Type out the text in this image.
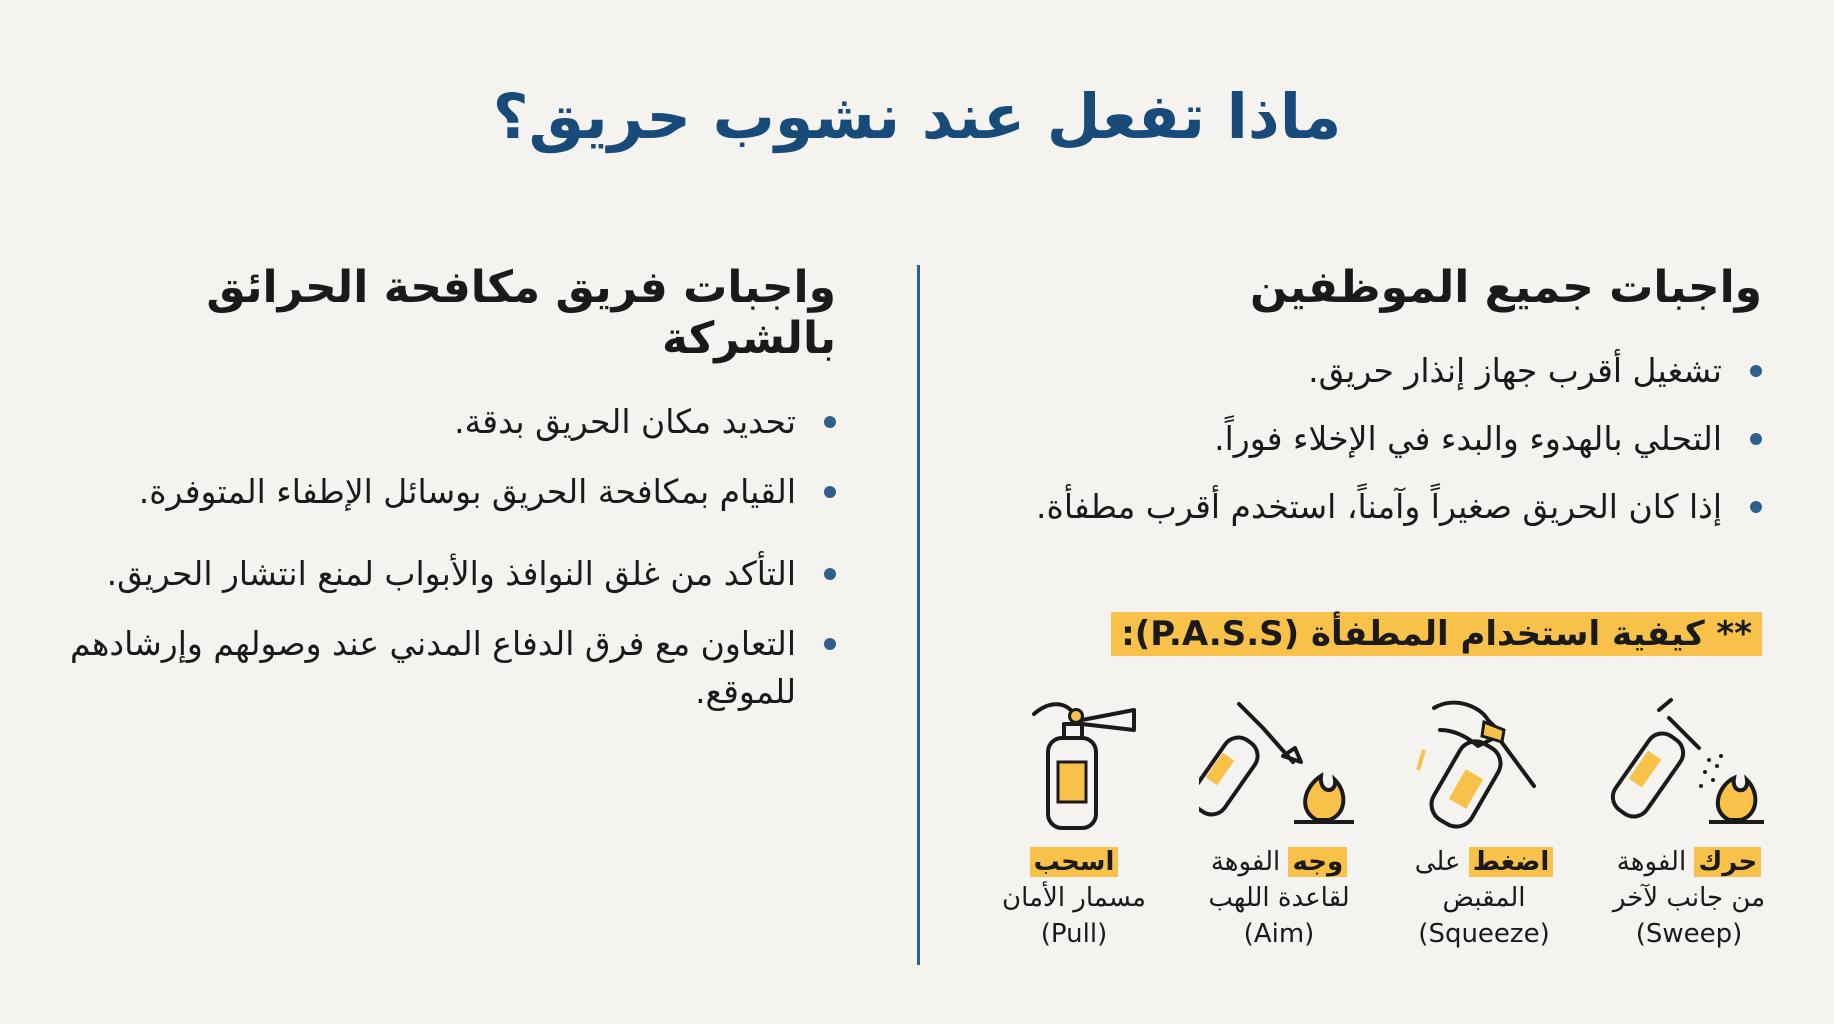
ماذا تفعل عند نشوب حريق؟
واجبات جميع الموظفين
تشغيل أقرب جهاز إنذار حريق.
التحلي بالهدوء والبدء في الإخلاء فوراً.
إذا كان الحريق صغيراً وآمناً، استخدم أقرب مطفأة.
واجبات فريق مكافحة الحرائق بالشركة
تحديد مكان الحريق بدقة.
القيام بمكافحة الحريق بوسائل الإطفاء المتوفرة.
التأكد من غلق النوافذ والأبواب لمنع انتشار الحريق.
التعاون مع فرق الدفاع المدني عند وصولهم وإرشادهم للموقع.
** كيفية استخدام المطفأة (P.A.S.S):
حرك الفوهة
من جانب لآخر
(Sweep)
اضغط على
المقبض
(Squeeze)
وجه الفوهة
لقاعدة اللهب
(Aim)
اسحب
مسمار الأمان
(Pull)
